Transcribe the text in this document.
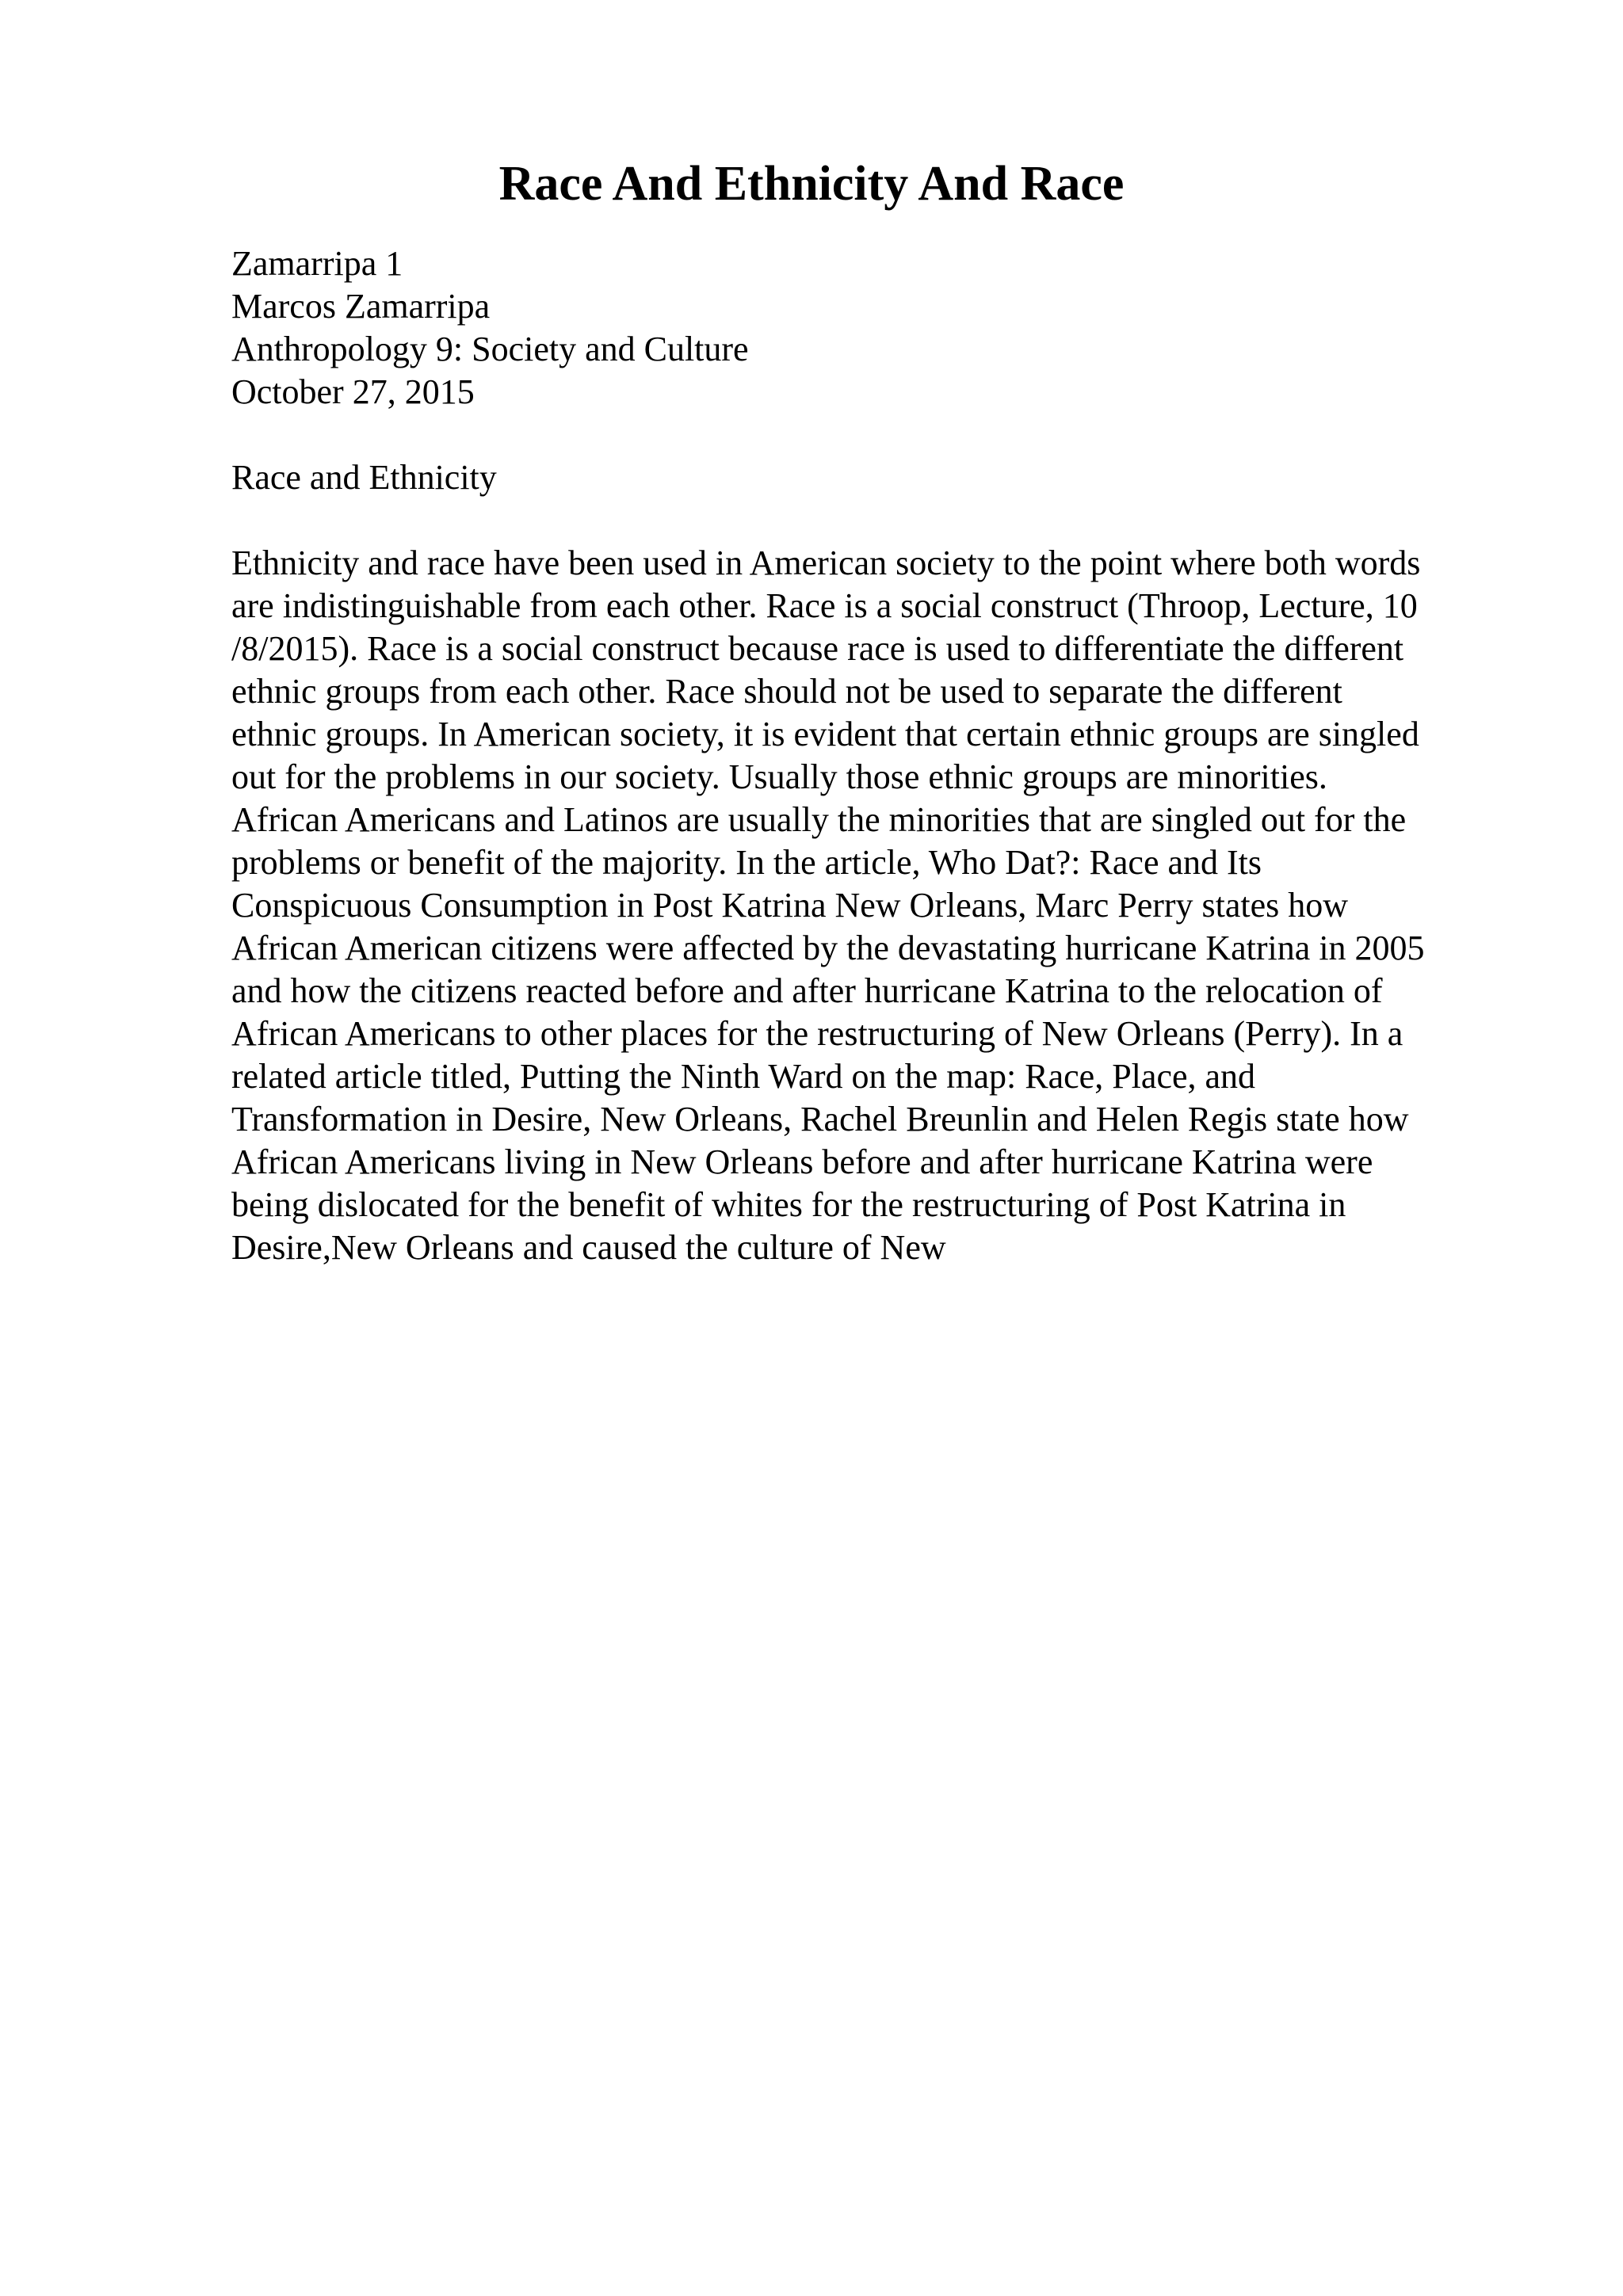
Race And Ethnicity And Race
Zamarripa 1
Marcos Zamarripa
Anthropology 9: Society and Culture
October 27, 2015
Race and Ethnicity

Ethnicity and race have been used in American society to the point where both words
are indistinguishable from each other. Race is a social construct (Throop, Lecture, 10
/8/2015). Race is a social construct because race is used to differentiate the different
ethnic groups from each other. Race should not be used to separate the different
ethnic groups. In American society, it is evident that certain ethnic groups are singled
out for the problems in our society. Usually those ethnic groups are minorities.
African Americans and Latinos are usually the minorities that are singled out for the
problems or benefit of the majority. In the article, Who Dat?: Race and Its
Conspicuous Consumption in Post Katrina New Orleans, Marc Perry states how
African American citizens were affected by the devastating hurricane Katrina in 2005
and how the citizens reacted before and after hurricane Katrina to the relocation of
African Americans to other places for the restructuring of New Orleans (Perry). In a
related article titled, Putting the Ninth Ward on the map: Race, Place, and
Transformation in Desire, New Orleans, Rachel Breunlin and Helen Regis state how
African Americans living in New Orleans before and after hurricane Katrina were
being dislocated for the benefit of whites for the restructuring of Post Katrina in
Desire,New Orleans and caused the culture of New
